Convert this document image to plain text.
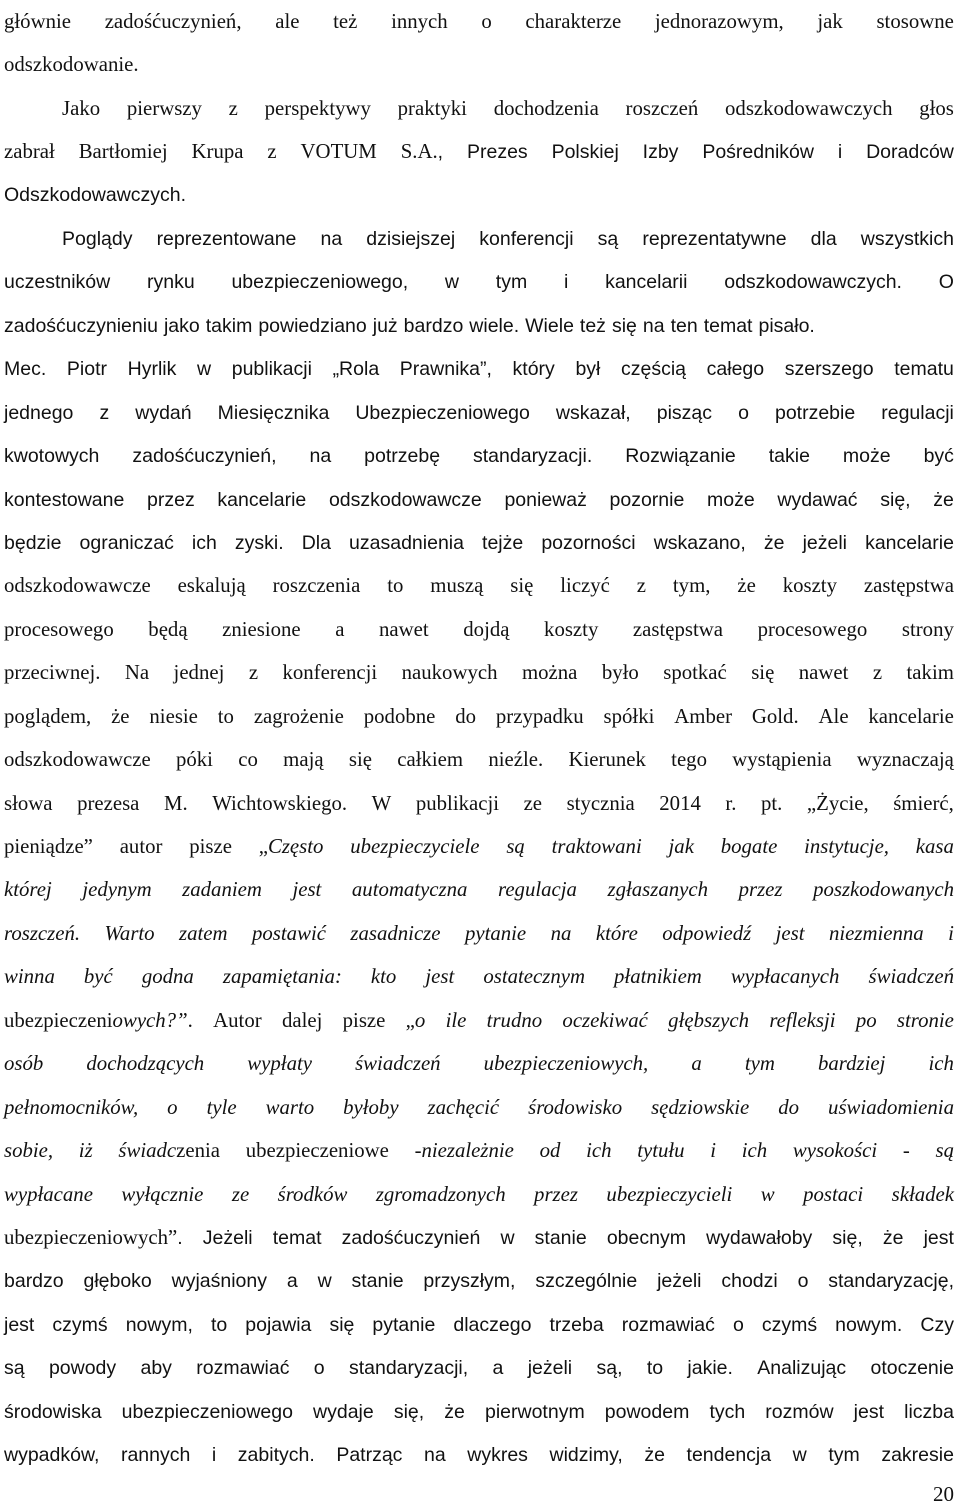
głównie zadośćuczynień, ale też innych o charakterze jednorazowym, jak stosowne
odszkodowanie.
Jako pierwszy z perspektywy praktyki dochodzenia roszczeń odszkodowawczych głos
zabrał Bartłomiej Krupa z VOTUM S.A., Prezes Polskiej Izby Pośredników i Doradców
Odszkodowawczych.
Poglądy reprezentowane na dzisiejszej konferencji są reprezentatywne dla wszystkich
uczestników rynku ubezpieczeniowego, w tym i kancelarii odszkodowawczych. O
zadośćuczynieniu jako takim powiedziano już bardzo wiele. Wiele też się na ten temat pisało.
Mec. Piotr Hyrlik w publikacji „Rola Prawnika”, który był częścią całego szerszego tematu
jednego z wydań Miesięcznika Ubezpieczeniowego wskazał, pisząc o potrzebie regulacji
kwotowych zadośćuczynień, na potrzebę standaryzacji. Rozwiązanie takie może być
kontestowane przez kancelarie odszkodowawcze ponieważ pozornie może wydawać się, że
będzie ograniczać ich zyski. Dla uzasadnienia tejże pozorności wskazano, że jeżeli kancelarie
odszkodowawcze eskalują roszczenia to muszą się liczyć z tym, że koszty zastępstwa
procesowego będą zniesione a nawet dojdą koszty zastępstwa procesowego strony
przeciwnej. Na jednej z konferencji naukowych można było spotkać się nawet z takim
poglądem, że niesie to zagrożenie podobne do przypadku spółki Amber Gold. Ale kancelarie
odszkodowawcze póki co mają się całkiem nieźle. Kierunek tego wystąpienia wyznaczają
słowa prezesa M. Wichtowskiego. W publikacji ze stycznia 2014 r. pt. „Życie, śmierć,
pieniądze” autor pisze „Często ubezpieczyciele są traktowani jak bogate instytucje, kasa
której jedynym zadaniem jest automatyczna regulacja zgłaszanych przez poszkodowanych
roszczeń. Warto zatem postawić zasadnicze pytanie na które odpowiedź jest niezmienna i
winna być godna zapamiętania: kto jest ostatecznym płatnikiem wypłacanych świadczeń
ubezpieczeniowych?”. Autor dalej pisze „o ile trudno oczekiwać głębszych refleksji po stronie
osób dochodzących wypłaty świadczeń ubezpieczeniowych, a tym bardziej ich
pełnomocników, o tyle warto byłoby zachęcić środowisko sędziowskie do uświadomienia
sobie, iż świadczenia ubezpieczeniowe -niezależnie od ich tytułu i ich wysokości - są
wypłacane wyłącznie ze środków zgromadzonych przez ubezpieczycieli w postaci składek
ubezpieczeniowych”. Jeżeli temat zadośćuczynień w stanie obecnym wydawałoby się, że jest
bardzo głęboko wyjaśniony a w stanie przyszłym, szczególnie jeżeli chodzi o standaryzację,
jest czymś nowym, to pojawia się pytanie dlaczego trzeba rozmawiać o czymś nowym. Czy
są powody aby rozmawiać o standaryzacji, a jeżeli są, to jakie. Analizując otoczenie
środowiska ubezpieczeniowego wydaje się, że pierwotnym powodem tych rozmów jest liczba
wypadków, rannych i zabitych. Patrząc na wykres widzimy, że tendencja w tym zakresie
20
